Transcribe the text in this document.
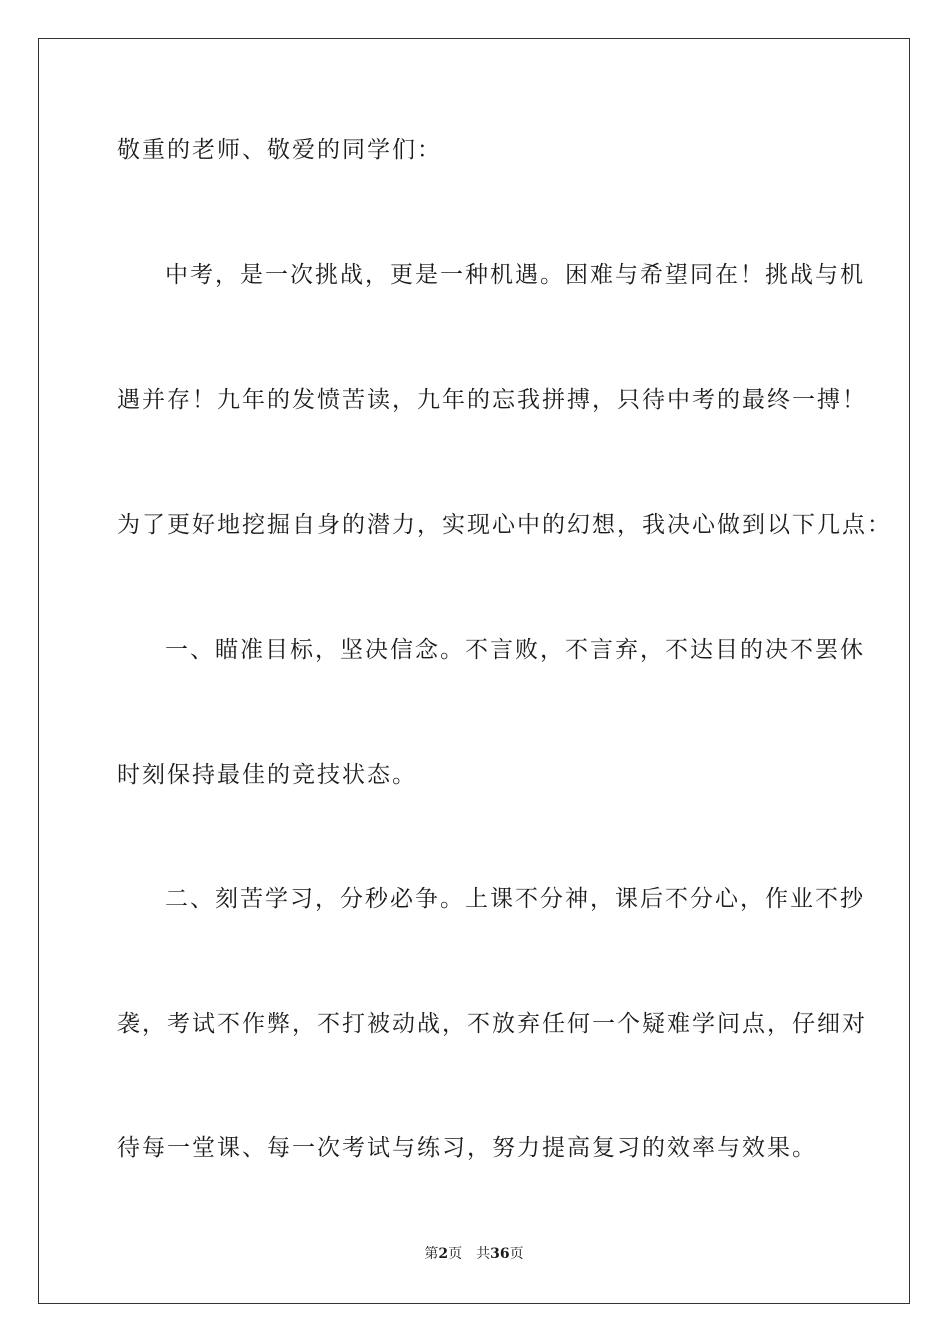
敬重的老师、敬爱的同学们：
中考，是一次挑战，更是一种机遇。困难与希望同在！挑战与机
遇并存！九年的发愤苦读，九年的忘我拼搏，只待中考的最终一搏！
为了更好地挖掘自身的潜力，实现心中的幻想，我决心做到以下几点：
一、瞄准目标，坚决信念。不言败，不言弃，不达目的决不罢休
时刻保持最佳的竞技状态。
二、刻苦学习，分秒必争。上课不分神，课后不分心，作业不抄
袭，考试不作弊，不打被动战，不放弃任何一个疑难学问点，仔细对
待每一堂课、每一次考试与练习，努力提高复习的效率与效果。
第2页 共36页
